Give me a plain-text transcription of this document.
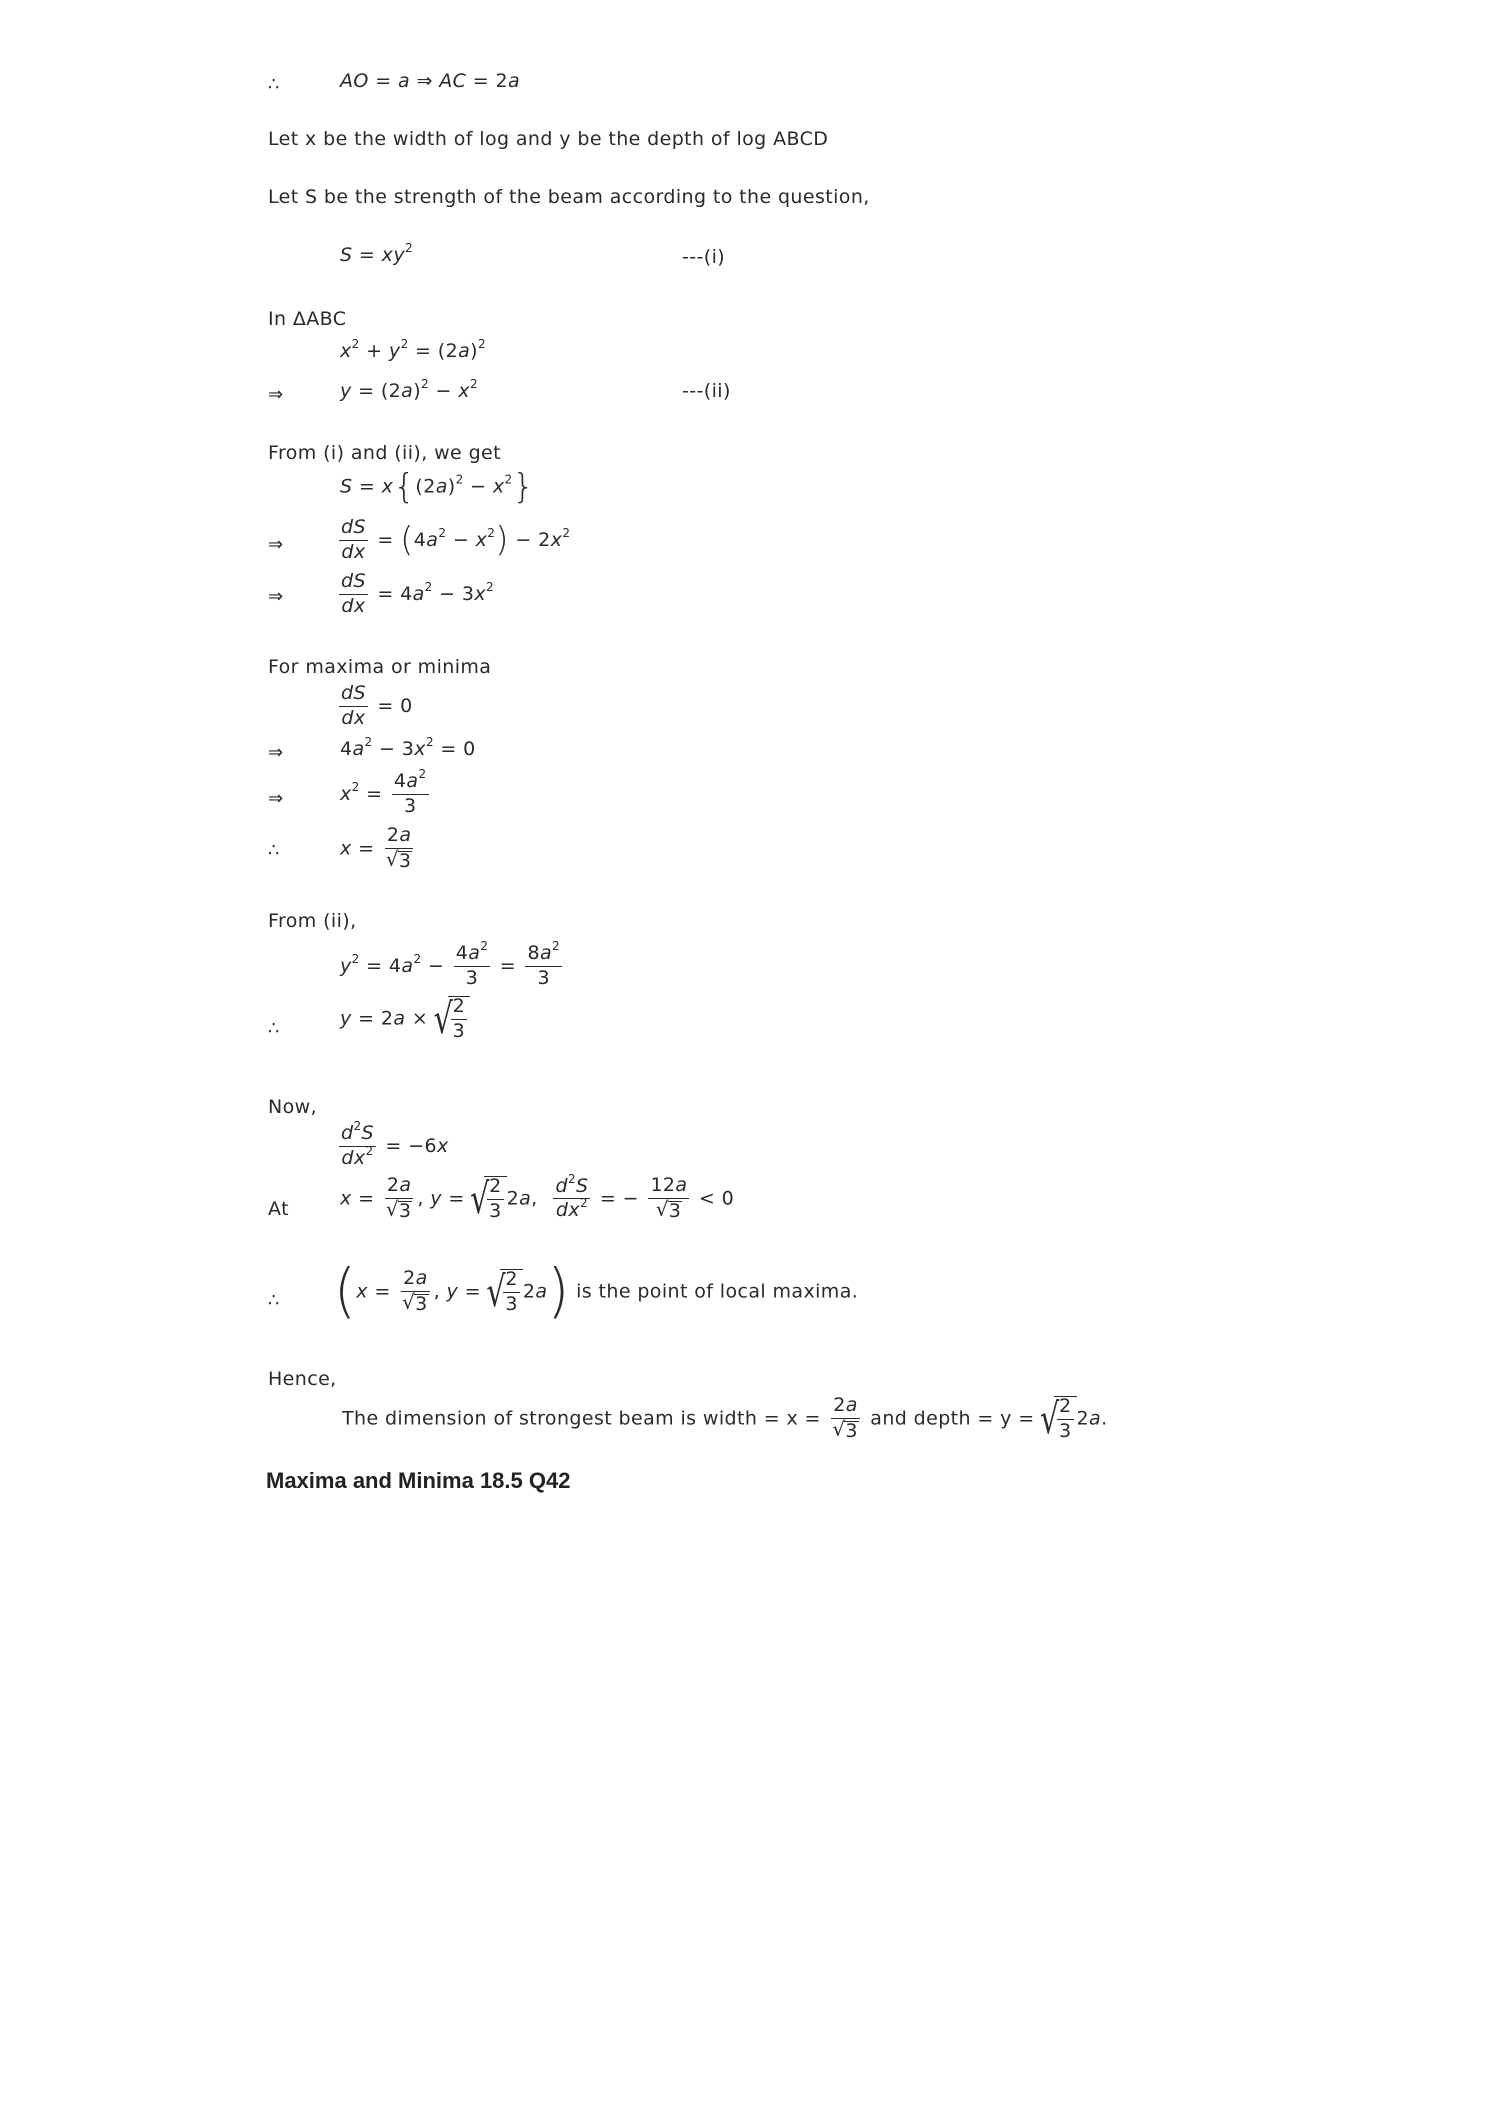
∴	AO = a ⇒ AC = 2a
Let x be the width of log and y be the depth of log ABCD
Let S be the strength of the beam according to the question,
$S = xy^2$	---(i)
In ΔABC
$x^2 + y^2 = (2a)^2$
⇒	$y = (2a)^2 - x^2$	---(ii)
From (i) and (ii), we get
$S = x\{(2a)^2 - x^2\}$
⇒	$\frac{dS}{dx} = (4a^2 - x^2) - 2x^2$
⇒	$\frac{dS}{dx} = 4a^2 - 3x^2$
For maxima or minima
$\frac{dS}{dx} = 0$
⇒	$4a^2 - 3x^2 = 0$
⇒	$x^2 = \frac{4a^2}{3}$
∴	x = 2a
√ 3
From (ii),
$y^2 = 4a^2 - \frac{4a^2}{3} = \frac{8a^2}{3}$
∴	y = 2a × √ $\frac{2}{3}$
Now,
$\frac{d^2S}{dx^2} = -6x$
At	x = 2a
√ 3 , y = √ $\frac{2}{3} 2a$, $\frac{d^2S}{dx^2}$ = − 12a
√ 3 < 0
∴ (x = 2a
√ 3 , y = √ $\frac{2}{3} 2a$) is the point of local maxima.
Hence,
The dimension of strongest beam is width = x = 2a
√ 3 and depth = y = √ $\frac{2}{3} 2a$.
Maxima and Minima 18.5 Q42
